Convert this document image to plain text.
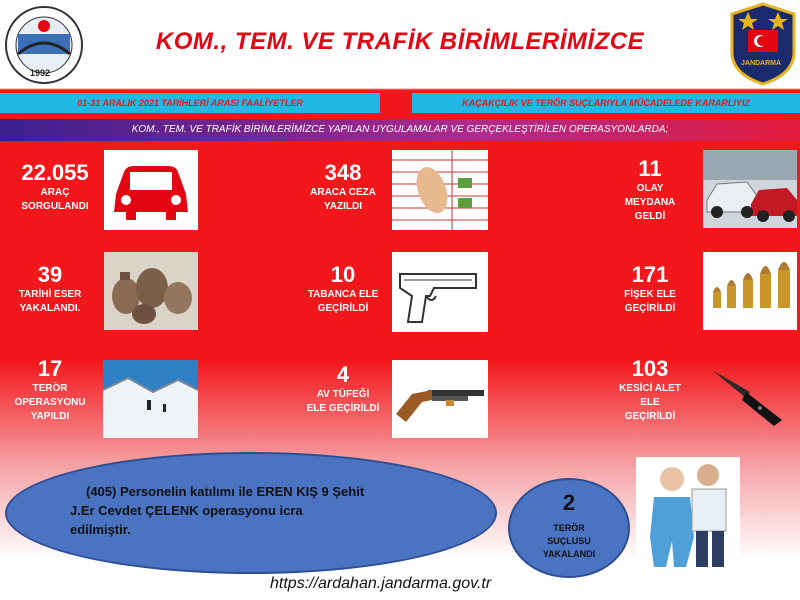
1992
KOM., TEM. VE TRAFİK BİRİMLERİMİZCE
JANDARMA
01-31 ARALIK 2021 TARİHLERİ ARASI FAALİYETLER	KAÇAKÇILIK VE TERÖR SUÇLARIYLA MÜCADELEDE KARARLIYIZ
KOM., TEM. VE TRAFİK BİRİMLERİMİZCE YAPILAN UYGULAMALAR VE GERÇEKLEŞTİRİLEN OPERASYONLARDA;
22.055
ARAÇ
SORGULANDI
348
ARACA CEZA
YAZILDI
11
OLAY
MEYDANA
GELDİ
39
TARİHİ ESER
YAKALANDI.
10
TABANCA ELE
GEÇİRİLDİ
171
FİŞEK ELE
GEÇİRİLDİ
17
TERÖR
OPERASYONU
YAPILDI
4
AV TÜFEĞİ
ELE GEÇİRİLDİ
103
KESİCİ ALET
ELE
GEÇİRİLDİ
(405) Personelin katılımı ile EREN KIŞ 9 Şehit
J.Er Cevdet ÇELENK operasyonu icra
edilmiştir.
2
TERÖR
SUÇLUSU
YAKALANDI
https://ardahan.jandarma.gov.tr
